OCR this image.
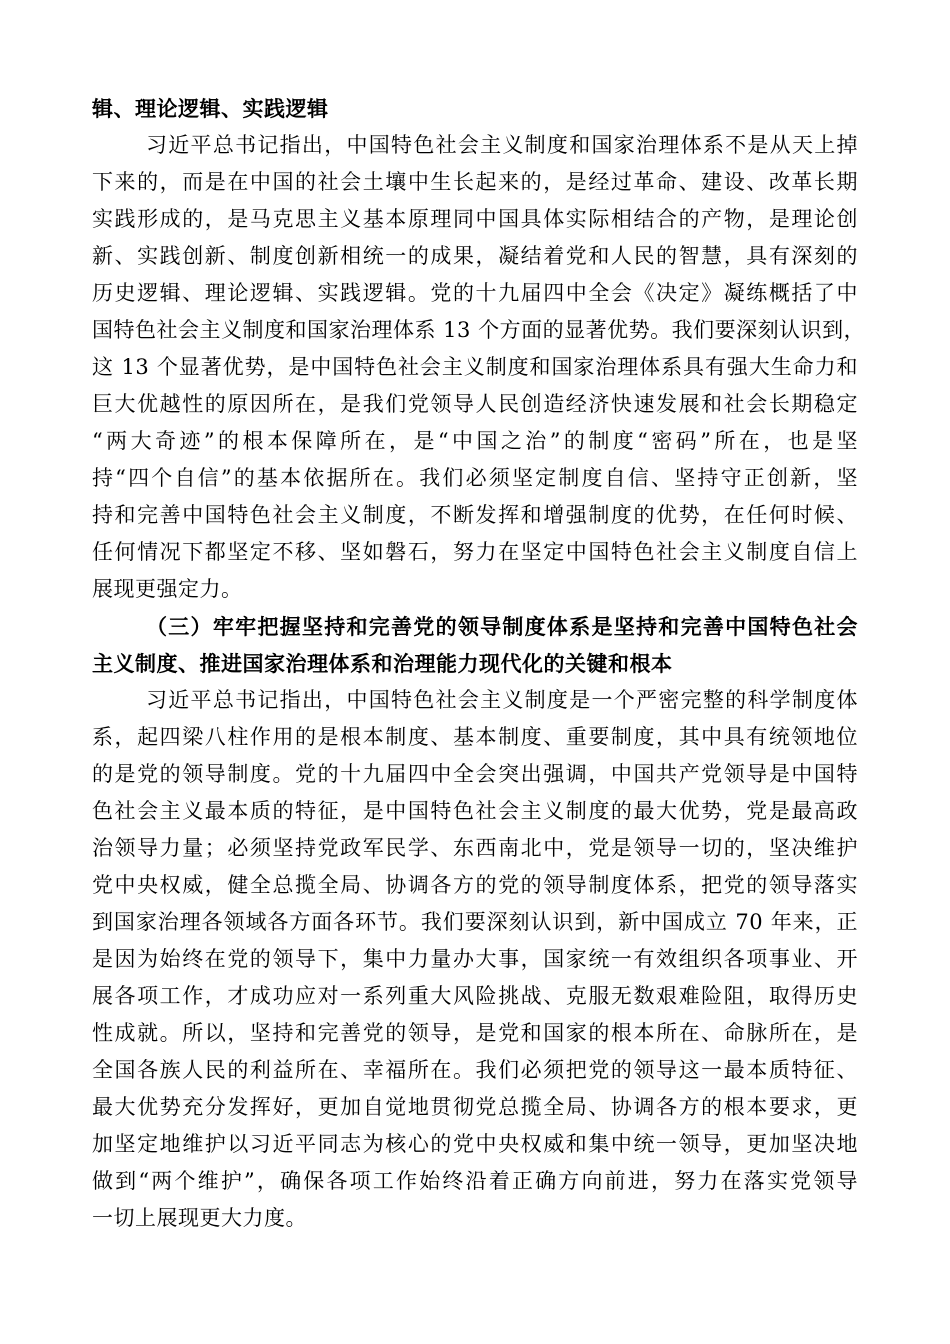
辑、理论逻辑、实践逻辑
习近平总书记指出，中国特色社会主义制度和国家治理体系不是从天上掉
下来的，而是在中国的社会土壤中生长起来的，是经过革命、建设、改革长期
实践形成的，是马克思主义基本原理同中国具体实际相结合的产物，是理论创
新、实践创新、制度创新相统一的成果，凝结着党和人民的智慧，具有深刻的
历史逻辑、理论逻辑、实践逻辑。党的十九届四中全会《决定》凝练概括了中
国特色社会主义制度和国家治理体系 13 个方面的显著优势。我们要深刻认识到，
这 13 个显著优势，是中国特色社会主义制度和国家治理体系具有强大生命力和
巨大优越性的原因所在，是我们党领导人民创造经济快速发展和社会长期稳定
“两大奇迹”的根本保障所在，是“中国之治”的制度“密码”所在，也是坚
持“四个自信”的基本依据所在。我们必须坚定制度自信、坚持守正创新，坚
持和完善中国特色社会主义制度，不断发挥和增强制度的优势，在任何时候、
任何情况下都坚定不移、坚如磐石，努力在坚定中国特色社会主义制度自信上
展现更强定力。
（三）牢牢把握坚持和完善党的领导制度体系是坚持和完善中国特色社会
主义制度、推进国家治理体系和治理能力现代化的关键和根本
习近平总书记指出，中国特色社会主义制度是一个严密完整的科学制度体
系，起四梁八柱作用的是根本制度、基本制度、重要制度，其中具有统领地位
的是党的领导制度。党的十九届四中全会突出强调，中国共产党领导是中国特
色社会主义最本质的特征，是中国特色社会主义制度的最大优势，党是最高政
治领导力量；必须坚持党政军民学、东西南北中，党是领导一切的，坚决维护
党中央权威，健全总揽全局、协调各方的党的领导制度体系，把党的领导落实
到国家治理各领域各方面各环节。我们要深刻认识到，新中国成立 70 年来，正
是因为始终在党的领导下，集中力量办大事，国家统一有效组织各项事业、开
展各项工作，才成功应对一系列重大风险挑战、克服无数艰难险阻，取得历史
性成就。所以，坚持和完善党的领导，是党和国家的根本所在、命脉所在，是
全国各族人民的利益所在、幸福所在。我们必须把党的领导这一最本质特征、
最大优势充分发挥好，更加自觉地贯彻党总揽全局、协调各方的根本要求，更
加坚定地维护以习近平同志为核心的党中央权威和集中统一领导，更加坚决地
做到“两个维护”，确保各项工作始终沿着正确方向前进，努力在落实党领导
一切上展现更大力度。
